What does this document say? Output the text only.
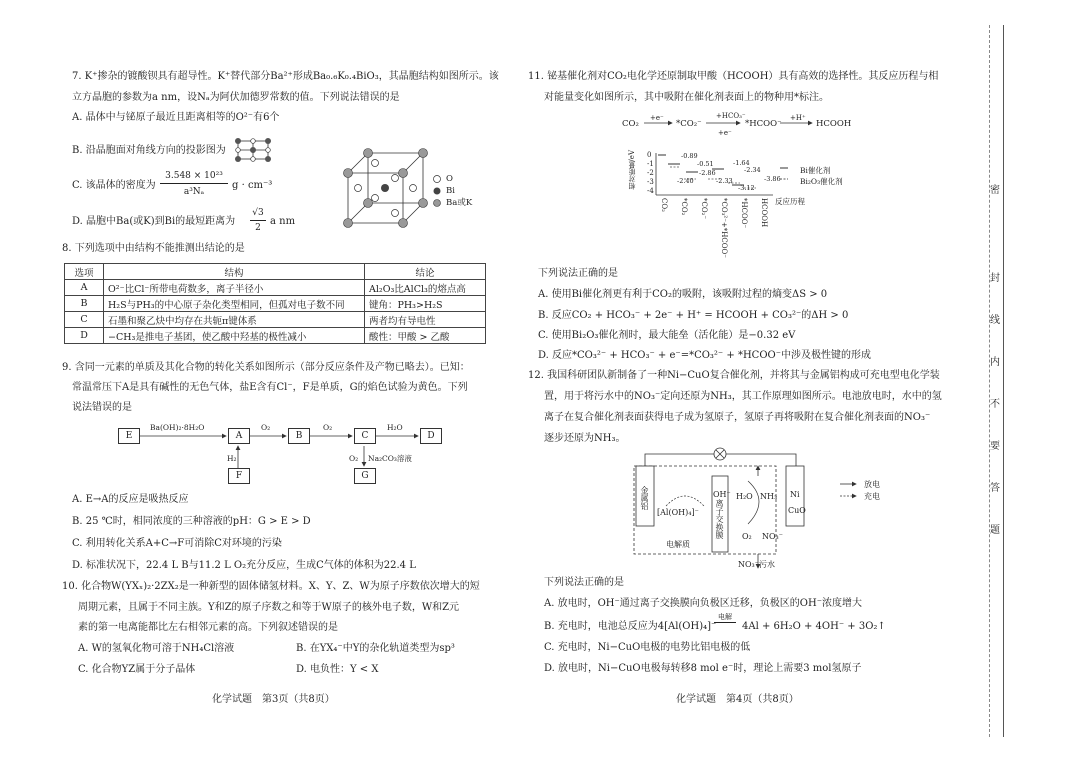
7. K⁺掺杂的镀酸钡具有超导性。K⁺替代部分Ba²⁺形成Ba₀.₆K₀.₄BiO₃，其晶胞结构如图所示。该
立方晶胞的参数为a nm，设Nₐ为阿伏加德罗常数的值。下列说法错误的是
A. 晶体中与铋原子最近且距离相等的O²⁻有6个
B. 沿晶胞面对角线方向的投影图为
C. 该晶体的密度为
3.548 × 10²³
a³Nₐ
g · cm⁻³
D. 晶胞中Ba(或K)到Bi的最短距离为
√3
2
a nm
O
Bi
Ba或K
8. 下列选项中由结构不能推测出结论的是
选项	结构	结论
A	O²⁻比Cl⁻所带电荷数多，离子半径小	Al₂O₃比AlCl₃的熔点高
B	H₂S与PH₃的中心原子杂化类型相同，但孤对电子数不同	键角：PH₃>H₂S
C	石墨和聚乙炔中均存在共轭π键体系	两者均有导电性
D	−CH₃是推电子基团，使乙酸中羟基的极性减小	酸性：甲酸 > 乙酸
9. 含同一元素的单质及其化合物的转化关系如图所示（部分反应条件及产物已略去）。已知：
常温常压下A是具有碱性的无色气体，盐E含有Cl⁻，F是单质，G的焰色试验为黄色。下列
说法错误的是
E	A	B	C	D
F	G
Ba(OH)₂·8H₂O	O₂	O₂	H₂O
H₂	O₂ Na₂CO₃溶液
A. E→A的反应是吸热反应
B. 25 ℃时，相同浓度的三种溶液的pH：G > E > D
C. 利用转化关系A+C→F可消除C对环境的污染
D. 标准状况下，22.4 L B与11.2 L O₂充分反应，生成C气体的体积为22.4 L
10. 化合物W(YXₓ)₂·2ZX₂是一种新型的固体储氢材料。X、Y、Z、W为原子序数依次增大的短
周期元素，且属于不同主族。Y和Z的原子序数之和等于W原子的核外电子数，W和Z元
素的第一电离能都比左右相邻元素的高。下列叙述错误的是
A. W的氢氧化物可溶于NH₄Cl溶液	B. 在YX₄⁻中Y的杂化轨道类型为sp³
C. 化合物YZ属于分子晶体	D. 电负性：Y < X
化学试题　第3页（共8页）
11. 铋基催化剂对CO₂电化学还原制取甲酸（HCOOH）具有高效的选择性。其反应历程与相
对能量变化如图所示，其中吸附在催化剂表面上的物种用*标注。
CO₂
+e⁻
*CO₂⁻
+HCO₃⁻
+e⁻
*HCOO⁻
+H⁺
HCOOH
相对能量/eV 0
-1
-2
-3
-4
-0.89
-0.51	-1.64
-2.86	-2.34
-2.40	-2.33	-3.86
-3.12
Bi催化剂
Bi₂O₃催化剂
反应历程
CO₂ *CO₂ *CO₂⁻ *CO₃²⁻+*HCOO⁻ *HCOO⁻ HCOOH
下列说法正确的是
A. 使用Bi催化剂更有利于CO₂的吸附，该吸附过程的熵变ΔS > 0
B. 反应CO₂ + HCO₃⁻ + 2e⁻ + H⁺ = HCOOH + CO₃²⁻的ΔH > 0
C. 使用Bi₂O₃催化剂时，最大能垒（活化能）是−0.32 eV
D. 反应*CO₃²⁻ + HCO₃⁻ + e⁻=*CO₃²⁻ + *HCOO⁻中涉及极性键的形成
12. 我国科研团队新制备了一种Ni−CuO复合催化剂，并将其与金属铝构成可充电型电化学装
置，用于将污水中的NO₃⁻定向还原为NH₃，其工作原理如图所示。电池放电时，水中的氢
离子在复合催化剂表面获得电子成为氢原子，氢原子再将吸附在复合催化剂表面的NO₃⁻
逐步还原为NH₃。
金属铝
[Al(OH)₄]⁻
电解质
OH⁻
离子交换膜
H₂O NH₃
O₂ NO₃⁻
Ni
CuO
NO₃⁻污水
放电
充电
下列说法正确的是
A. 放电时，OH⁻通过离子交换膜向负极区迁移，负极区的OH⁻浓度增大
B. 充电时，电池总反应为4[Al(OH)₄]⁻
电解
4Al + 6H₂O + 4OH⁻ + 3O₂↑
C. 充电时，Ni−CuO电极的电势比铝电极的低
D. 放电时，Ni−CuO电极每转移8 mol e⁻时，理论上需要3 mol氢原子
化学试题　第4页（共8页）
密
封
线
内
不
要
答
题
